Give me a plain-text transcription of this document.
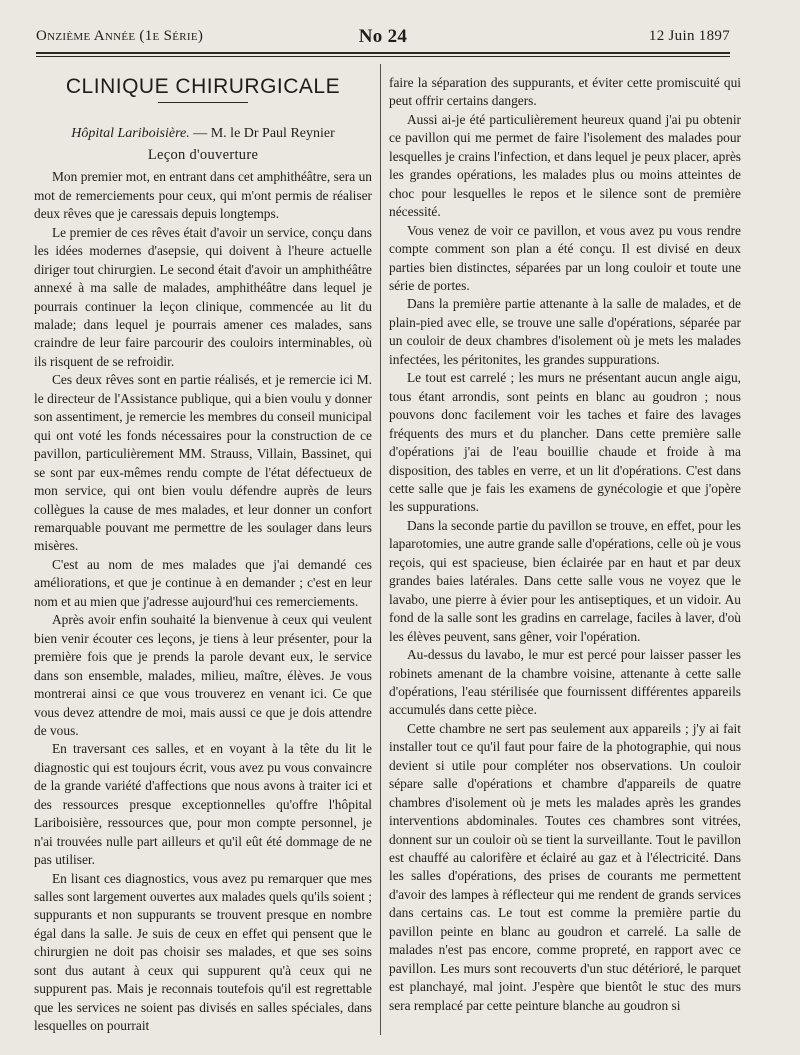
Onzième Année (1e Série)	No 24	12 Juin 1897
CLINIQUE CHIRURGICALE
Hôpital Lariboisière. — M. le Dr Paul Reynier
Leçon d'ouverture

Mon premier mot, en entrant dans cet amphithéâtre, sera un mot de remerciements pour ceux, qui m'ont permis de réaliser deux rêves que je caressais depuis longtemps.

Le premier de ces rêves était d'avoir un service, conçu dans les idées modernes d'asepsie, qui doivent à l'heure actuelle diriger tout chirurgien. Le second était d'avoir un amphithéâtre annexé à ma salle de malades, amphithéâtre dans lequel je pourrais continuer la leçon clinique, commencée au lit du malade; dans lequel je pourrais amener ces malades, sans craindre de leur faire parcourir des couloirs interminables, où ils risquent de se refroidir.

Ces deux rêves sont en partie réalisés, et je remercie ici M. le directeur de l'Assistance publique, qui a bien voulu y donner son assentiment, je remercie les membres du conseil municipal qui ont voté les fonds nécessaires pour la construction de ce pavillon, particulièrement MM. Strauss, Villain, Bassinet, qui se sont par eux-mêmes rendu compte de l'état défectueux de mon service, qui ont bien voulu défendre auprès de leurs collègues la cause de mes malades, et leur donner un confort remarquable pouvant me permettre de les soulager dans leurs misères.

C'est au nom de mes malades que j'ai demandé ces améliorations, et que je continue à en demander ; c'est en leur nom et au mien que j'adresse aujourd'hui ces remerciements.

Après avoir enfin souhaité la bienvenue à ceux qui veulent bien venir écouter ces leçons, je tiens à leur présenter, pour la première fois que je prends la parole devant eux, le service dans son ensemble, malades, milieu, maître, élèves. Je vous montrerai ainsi ce que vous trouverez en venant ici. Ce que vous devez attendre de moi, mais aussi ce que je dois attendre de vous.

En traversant ces salles, et en voyant à la tête du lit le diagnostic qui est toujours écrit, vous avez pu vous convaincre de la grande variété d'affections que nous avons à traiter ici et des ressources presque exceptionnelles qu'offre l'hôpital Lariboisière, ressources que, pour mon compte personnel, je n'ai trouvées nulle part ailleurs et qu'il eût été dommage de ne pas utiliser.

En lisant ces diagnostics, vous avez pu remarquer que mes salles sont largement ouvertes aux malades quels qu'ils soient ; suppurants et non suppurants se trouvent presque en nombre égal dans la salle. Je suis de ceux en effet qui pensent que le chirurgien ne doit pas choisir ses malades, et que ses soins sont dus autant à ceux qui suppurent qu'à ceux qui ne suppurent pas. Mais je reconnais toutefois qu'il est regrettable que les services ne soient pas divisés en salles spéciales, dans lesquelles on pourrait

faire la séparation des suppurants, et éviter cette promiscuité qui peut offrir certains dangers.

Aussi ai-je été particulièrement heureux quand j'ai pu obtenir ce pavillon qui me permet de faire l'isolement des malades pour lesquelles je crains l'infection, et dans lequel je peux placer, après les grandes opérations, les malades plus ou moins atteintes de choc pour lesquelles le repos et le silence sont de première nécessité.

Vous venez de voir ce pavillon, et vous avez pu vous rendre compte comment son plan a été conçu. Il est divisé en deux parties bien distinctes, séparées par un long couloir et toute une série de portes.

Dans la première partie attenante à la salle de malades, et de plain-pied avec elle, se trouve une salle d'opérations, séparée par un couloir de deux chambres d'isolement où je mets les malades infectées, les péritonites, les grandes suppurations.

Le tout est carrelé ; les murs ne présentant aucun angle aigu, tous étant arrondis, sont peints en blanc au goudron ; nous pouvons donc facilement voir les taches et faire des lavages fréquents des murs et du plancher. Dans cette première salle d'opérations j'ai de l'eau bouillie chaude et froide à ma disposition, des tables en verre, et un lit d'opérations. C'est dans cette salle que je fais les examens de gynécologie et que j'opère les suppurations.

Dans la seconde partie du pavillon se trouve, en effet, pour les laparotomies, une autre grande salle d'opérations, celle où je vous reçois, qui est spacieuse, bien éclairée par en haut et par deux grandes baies latérales. Dans cette salle vous ne voyez que le lavabo, une pierre à évier pour les antiseptiques, et un vidoir. Au fond de la salle sont les gradins en carrelage, faciles à laver, d'où les élèves peuvent, sans gêner, voir l'opération.

Au-dessus du lavabo, le mur est percé pour laisser passer les robinets amenant de la chambre voisine, attenante à cette salle d'opérations, l'eau stérilisée que fournissent différentes appareils accumulés dans cette pièce.

Cette chambre ne sert pas seulement aux appareils ; j'y ai fait installer tout ce qu'il faut pour faire de la photographie, qui nous devient si utile pour compléter nos observations. Un couloir sépare salle d'opérations et chambre d'appareils de quatre chambres d'isolement où je mets les malades après les grandes interventions abdominales. Toutes ces chambres sont vitrées, donnent sur un couloir où se tient la surveillante. Tout le pavillon est chauffé au calorifère et éclairé au gaz et à l'électricité. Dans les salles d'opérations, des prises de courants me permettent d'avoir des lampes à réflecteur qui me rendent de grands services dans certains cas. Le tout est comme la première partie du pavillon peinte en blanc au goudron et carrelé. La salle de malades n'est pas encore, comme propreté, en rapport avec ce pavillon. Les murs sont recouverts d'un stuc détérioré, le parquet est planchayé, mal joint. J'espère que bientôt le stuc des murs sera remplacé par cette peinture blanche au goudron si
